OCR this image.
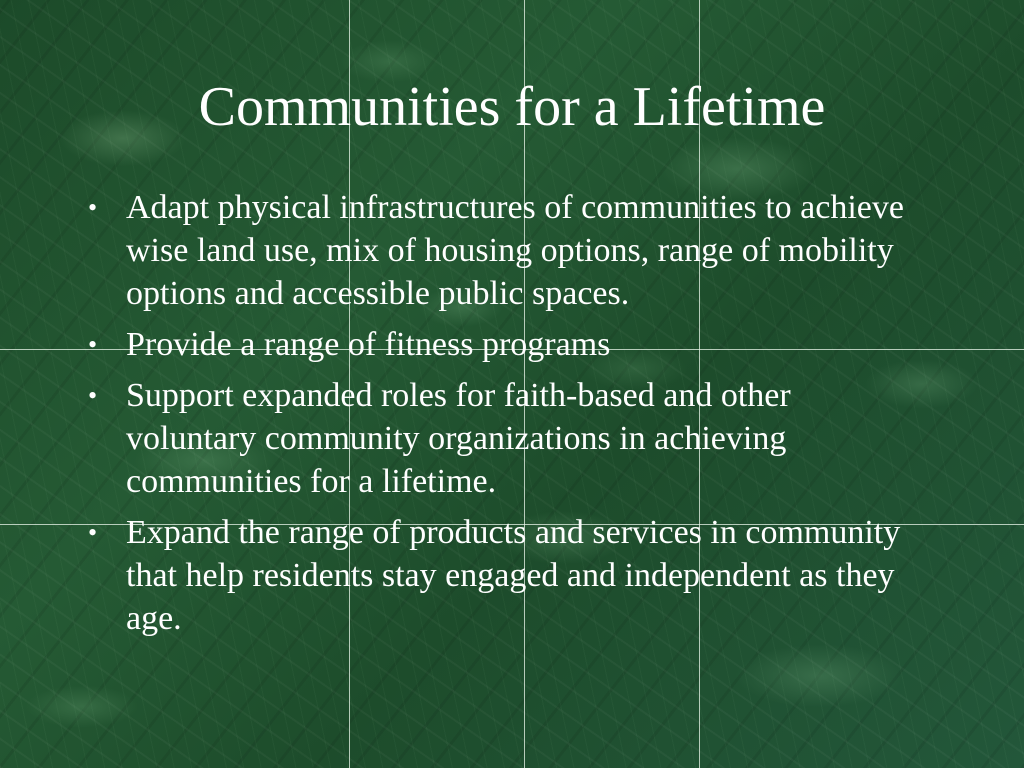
Communities for a Lifetime
• Adapt physical infrastructures of communities to achieve wise land use, mix of housing options, range of mobility options and accessible public spaces.
• Provide a range of fitness programs
• Support expanded roles for faith-based and other voluntary community organizations in achieving communities for a lifetime.
• Expand the range of products and services in community that help residents stay engaged and independent as they age.
